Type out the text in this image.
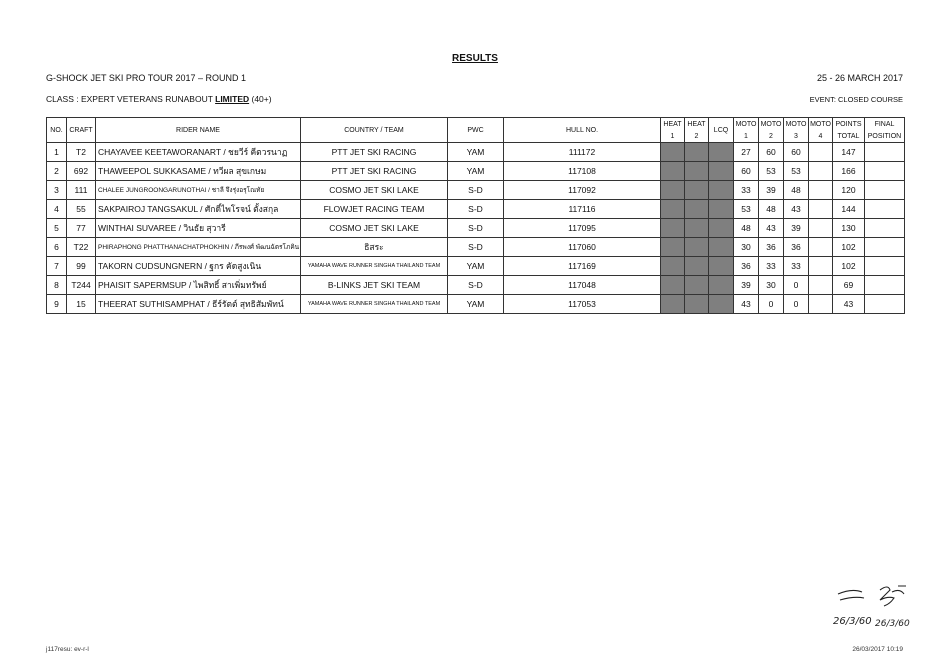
RESULTS
G-SHOCK JET SKI PRO TOUR 2017 – ROUND 1	25 - 26 MARCH 2017
CLASS : EXPERT VETERANS RUNABOUT LIMITED (40+)	EVENT: CLOSED COURSE
NO.	CRAFT	RIDER NAME	COUNTRY / TEAM	PWC	HULL NO.	HEAT	HEAT	LCQ	MOTO	MOTO	MOTO	MOTO	POINTS	FINAL
						1	2		1	2	3	4	TOTAL	POSITION
1	T2	CHAYAVEE KEETAWORANART / ชยวีร์ คีตวรนาฏ	PTT JET SKI RACING	YAM	111172				27	60	60		147	
2	692	THAWEEPOL SUKKASAME / ทวีผล สุขเกษม	PTT JET SKI RACING	YAM	117108				60	53	53		166	
3	111	CHALEE JUNGROONGARUNOTHAI / ชาลี จึงรุ่งอรุโณทัย	COSMO JET SKI LAKE	S-D	117092				33	39	48		120	
4	55	SAKPAIROJ TANGSAKUL / ศักดิ์ไพโรจน์ ตั้งสกุล	FLOWJET RACING TEAM	S-D	117116				53	48	43		144	
5	77	WINTHAI SUVAREE / วินธัย สุวารี	COSMO JET SKI LAKE	S-D	117095				48	43	39		130	
6	T22	PHIRAPHONG PHATTHANACHATPHOKHIN / ภีรพงศ์ พัฒนฉัตรโภคิน	ธิสระ	S-D	117060				30	36	36		102	
7	99	TAKORN CUDSUNGNERN / ฐกร คัดสูงเนิน	YAMAHA WAVE RUNNER SINGHA THAILAND TEAM	YAM	117169				36	33	33		102	
8	T244	PHAISIT SAPERMSUP / ไพสิทธิ์ สาเพิ่มทรัพย์	B-LINKS JET SKI TEAM	S-D	117048				39	30	0		69	
9	15	THEERAT SUTHISAMPHAT / ธีร์รัตต์ สุทธิสัมพัทน์	YAMAHA WAVE RUNNER SINGHA THAILAND TEAM	YAM	117053				43	0	0		43	
26/3/60 26/3/60
j117resu: ev-r-l	26/03/2017 10:19
